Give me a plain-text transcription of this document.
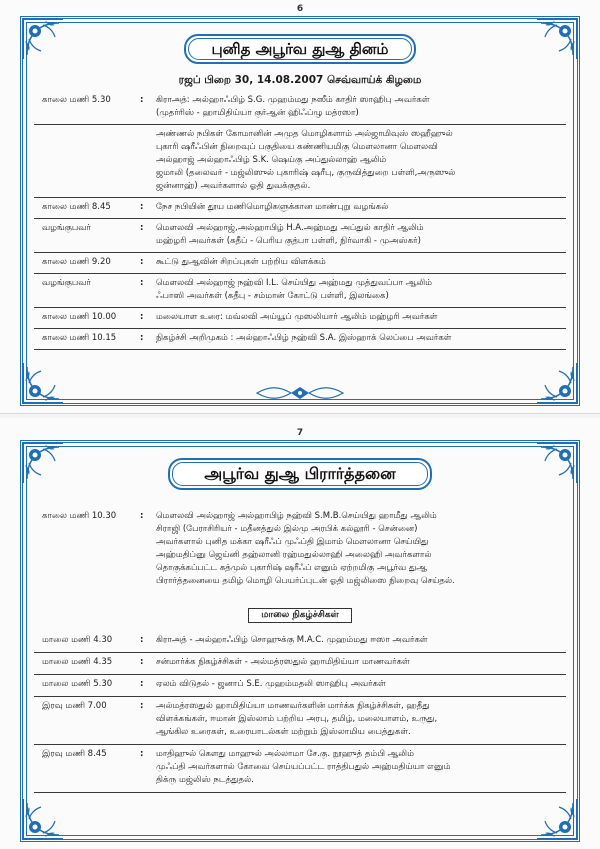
6
புனித அபூர்வ துஆ தினம்
ரஜப் பிறை 30, 14.08.2007 செவ்வாய்க் கிழமை
காலை மணி 5.30	: கிராஅத்: அல்ஹாஃபிழ் S.G. முஹம்மது நஸீம் காதிர் ஸாஹிபு அவர்கள்

(முதர்ரிஸ் - ஹாமிதிய்யா குர்ஆன் ஹிஃப்ழு மத்ரஸா)

அண்ணல் நபிகள் கோமானின் அமுத மொழிகளாம் அல்ஜாமிவுஸ் ஸஹீஹுல்

புகாரி ஷரீஃபின் நிறைவுப் பகுதியை கண்ணியமிகு மௌலானா மௌலவி

அல்ஹாஜ் அல்ஹாஃபிழ் S.K. ஷெய்கு அப்துல்லாஹ் ஆலிம்

ஜமாலி (தலைவர் - மஜ்லிஸுல் புகாரிஷ் ஷரீபு, குருவித்துறை பள்ளி,அருஸுல்

ஜன்னாஹ்) அவர்களால் ஓதி துவக்குதல்.

காலை மணி 8.45	: நேச நபியின் தூய மணிமொழிகளுக்கான மாண்புறு வழங்கல்

வழங்குபவர்	: மௌலவி அல்ஹாஜ்,அல்ஹாபிழ் H.A.அஹ்மது அப்துல் காதிர் ஆலிம்

மஹ்ழரி அவர்கள் (கதீப் - பெரிய குத்பா பள்ளி, நிர்வாகி - முஅஸ்கர்)

காலை மணி 9.20	: கூட்டு துஆவின் சிறப்புகள் பற்றிய விளக்கம்

வழங்குபவர்	: மௌலவி அல்ஹாஜ் நஹ்வி I.L. செய்யிது அஹ்மது முத்துவப்பா ஆலிம்

ஃபாஸி அவர்கள் (கதீபு - சம்மான் கோட்டு பள்ளி, இலங்கை)

காலை மணி 10.00	: மலையாள உரை: மவ்லவி அய்யூப் முஸலியார் ஆலிம் மஹ்ழரி அவர்கள்

காலை மணி 10.15	: நிகழ்ச்சி அறிமுகம் : அல்ஹாஃபிழ் நஹ்வி S.A. இஸ்ஹாக் லெப்பை அவர்கள்

7
அபூர்வ துஆ பிரார்த்தனை
காலை மணி 10.30	: மௌலவி அல்ஹாஜ் அல்ஹாபிழ் நஹ்வி S.M.B.செய்யிது ஹாமீது ஆலிம்

சிராஜி (பேராசிரியர் - மதீனத்துல் இல்மு அரபிக் கல்லூரி - சென்னை)

அவர்களால் புனித மக்கா ஷரீஃப் முஃப்தி இமாம் மௌலானா செய்யிது

அஹ்மதிப்னு ஜெய்னி தஹ்லானி ரஹ்மதுல்லாஹி அலைஹி அவர்களால்

தொகுக்கப்பட்ட கத்முல் புகாரிஷ் ஷரீஃப் எனும் ஏற்றமிகு அபூர்வ துஆ

பிரார்த்தனையை தமிழ் மொழி பெயர்ப்புடன் ஓதி மஜ்லிஸை நிறைவு செய்தல்.

மாலை நிகழ்ச்சிகள்
மாலை மணி 4.30	: கிராஅத் - அல்ஹாஃபிழ் சொஹுக்கு M.A.C. முஹம்மது ஈஸா அவர்கள்

மாலை மணி 4.35	: சன்மார்க்க நிகழ்ச்சிகள் - அல்மத்ரஸதுல் ஹாமிதிய்யா மாணவர்கள்

மாலை மணி 5.30	: ஏலம் விடுதல் - ஜனாப் S.E. முஹம்மதலி ஸாஹிபு அவர்கள்

இரவு மணி 7.00	: அல்மத்ரஸதுல் ஹாமிதிய்யா மாணவர்களின் மார்க்க நிகழ்ச்சிகள், ஹதீது

விளக்கங்கள், ஈமான் இஸ்லாம் பற்றிய அரபு, தமிழ், மலையாளம், உருது,

ஆங்கில உரைகள், உரையாடல்கள் மற்றும் இஸ்லாமிய பைத்துகள்.

இரவு மணி 8.45	: மாதிஹுல் கௌது மாஹுல் அல்லாமா சே.கு. நூஹுத் தம்பி ஆலிம்

முஃப்தி அவர்களால் கோவை செய்யப்பட்ட ராத்திபதுல் அஹ்மதிய்யா எனும்

திக்ரு மஜ்லிஸ் நடத்துதல்.
